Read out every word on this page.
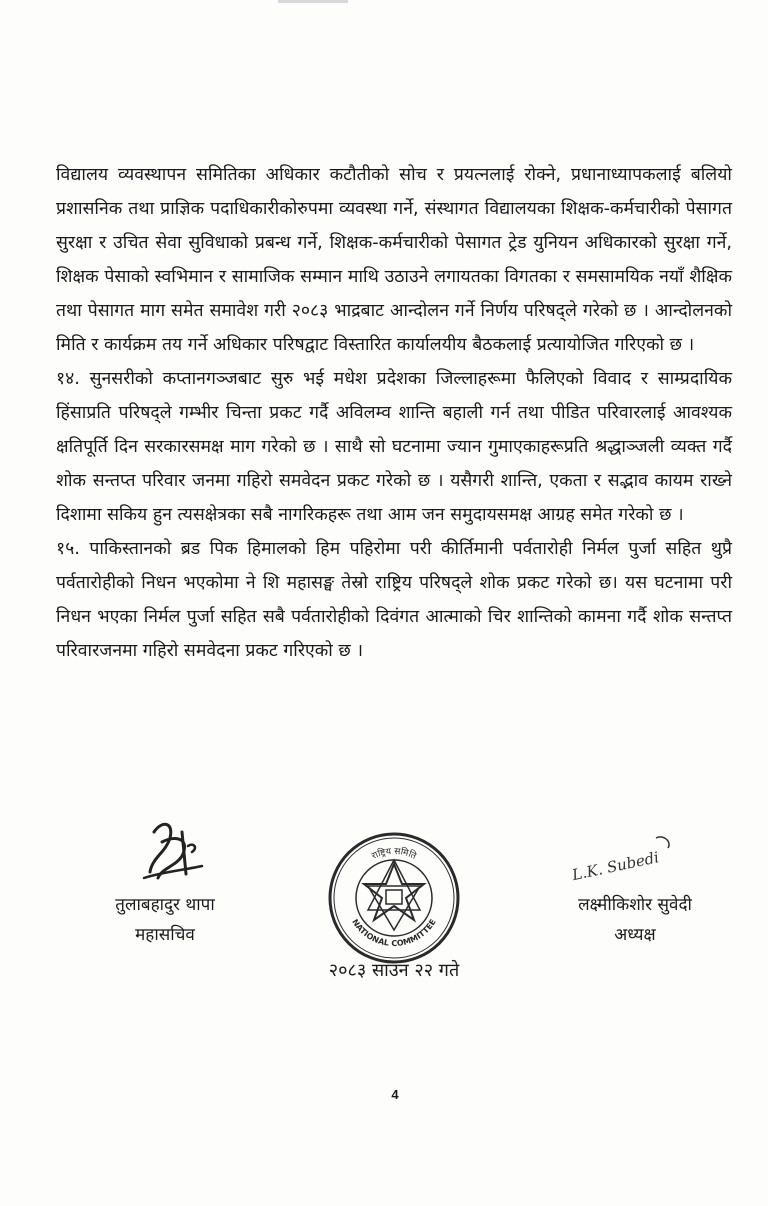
विद्यालय व्यवस्थापन समितिका अधिकार कटौतीको सोच र प्रयत्नलाई रोक्ने, प्रधानाध्यापकलाई बलियो प्रशासनिक तथा प्राज्ञिक पदाधिकारीकोरुपमा व्यवस्था गर्ने, संस्थागत विद्यालयका शिक्षक-कर्मचारीको पेसागत सुरक्षा र उचित सेवा सुविधाको प्रबन्ध गर्ने, शिक्षक-कर्मचारीको पेसागत ट्रेड युनियन अधिकारको सुरक्षा गर्ने, शिक्षक पेसाको स्वभिमान र सामाजिक सम्मान माथि उठाउने लगायतका विगतका र समसामयिक नयाँ शैक्षिक तथा पेसागत माग समेत समावेश गरी २०८३ भाद्रबाट आन्दोलन गर्ने निर्णय परिषद्ले गरेको छ । आन्दोलनको मिति र कार्यक्रम तय गर्ने अधिकार परिषद्वाट विस्तारित कार्यालयीय बैठकलाई प्रत्यायोजित गरिएको छ ।

१४. सुनसरीको कप्तानगञ्जबाट सुरु भई मधेश प्रदेशका जिल्लाहरूमा फैलिएको विवाद र साम्प्रदायिक हिंसाप्रति परिषद्ले गम्भीर चिन्ता प्रकट गर्दै अविलम्व शान्ति बहाली गर्न तथा पीडित परिवारलाई आवश्यक क्षतिपूर्ति दिन सरकारसमक्ष माग गरेको छ । साथै सो घटनामा ज्यान गुमाएकाहरूप्रति श्रद्धाञ्जली व्यक्त गर्दै शोक सन्तप्त परिवार जनमा गहिरो समवेदन प्रकट गरेको छ । यसैगरी शान्ति, एकता र सद्भाव कायम राख्ने दिशामा सकिय हुन त्यसक्षेत्रका सबै नागरिकहरू तथा आम जन समुदायसमक्ष आग्रह समेत गरेको छ ।

१५. पाकिस्तानको ब्रड पिक हिमालको हिम पहिरोमा परी कीर्तिमानी पर्वतारोही निर्मल पुर्जा सहित थुप्रै पर्वतारोहीको निधन भएकोमा ने शि महासङ्घ तेस्रो राष्ट्रिय परिषद्ले शोक प्रकट गरेको छ। यस घटनामा परी निधन भएका निर्मल पुर्जा सहित सबै पर्वतारोहीको दिवंगत आत्माको चिर शान्तिको कामना गर्दै शोक सन्तप्त परिवारजनमा गहिरो समवेदना प्रकट गरिएको छ ।

L.K. Subedi
तुलाबहादुर थापा
महासचिव
राष्ट्रिय समिति
NATIONAL COMMITTEE
लक्ष्मीकिशोर सुवेदी
अध्यक्ष
२०८३ साउन २२ गते
4
